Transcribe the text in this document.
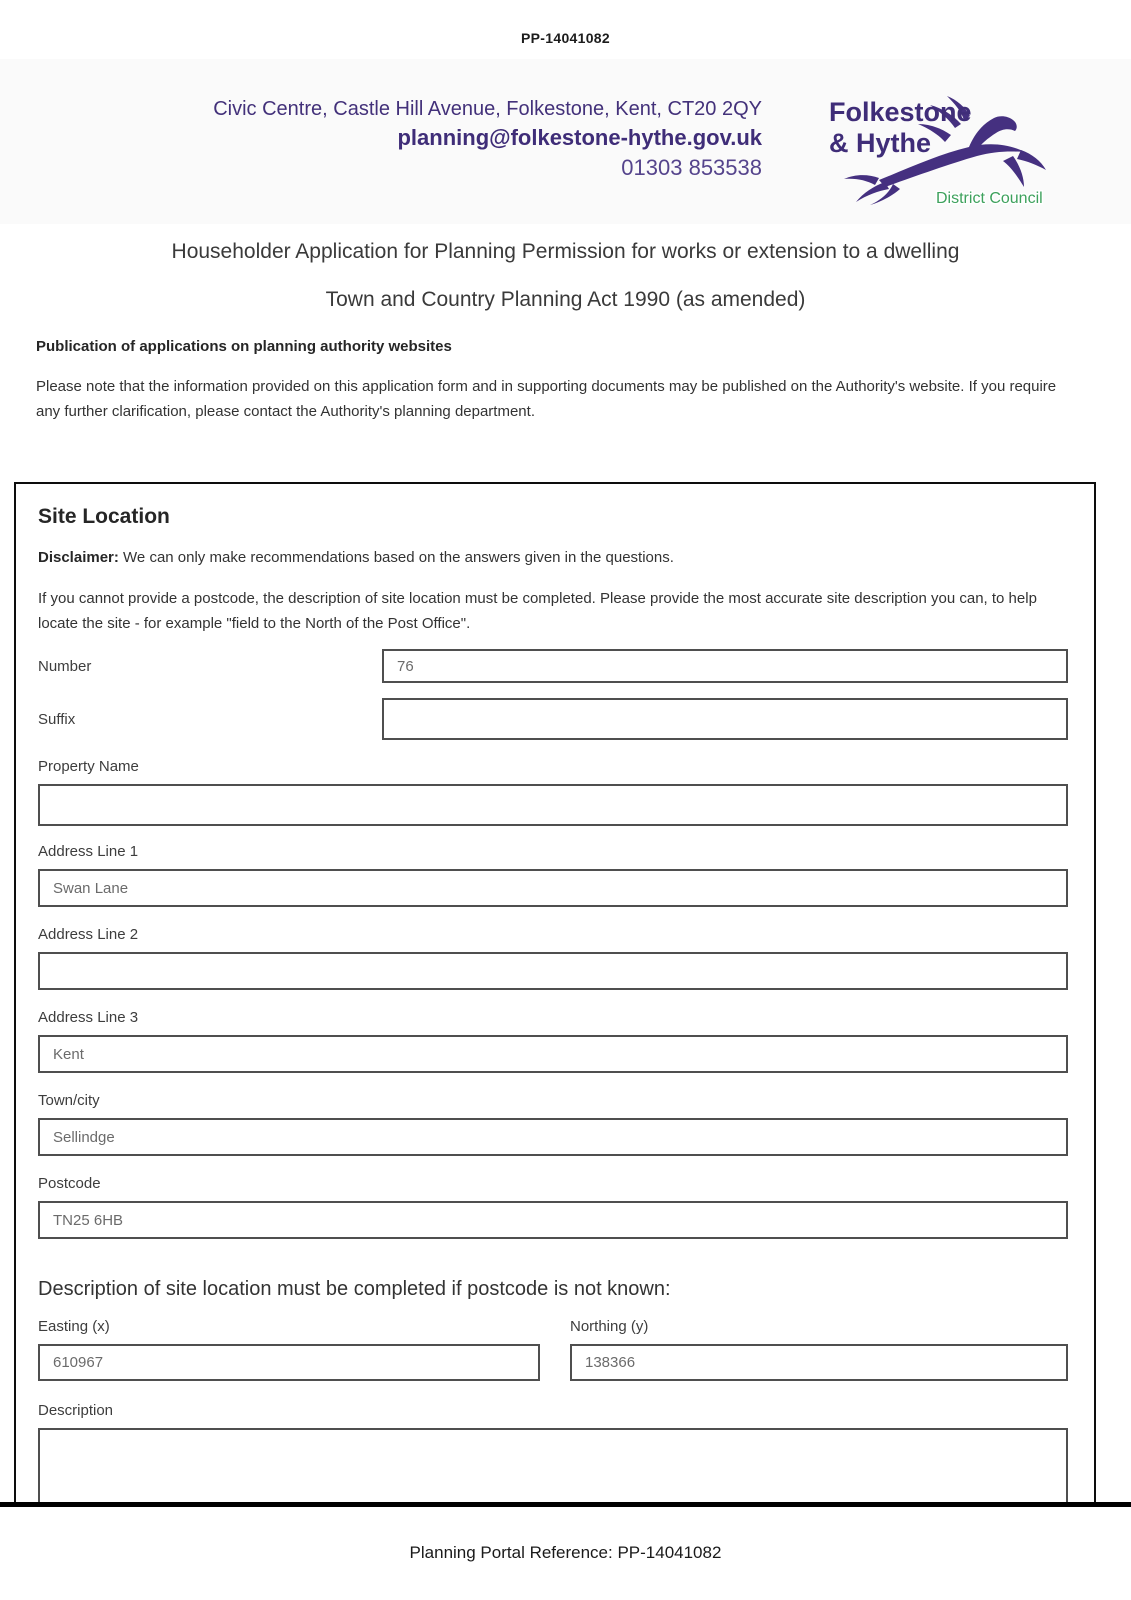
PP-14041082
Civic Centre, Castle Hill Avenue, Folkestone, Kent, CT20 2QY
planning@folkestone-hythe.gov.uk
01303 853538
Folkestone
& Hythe
District Council
Householder Application for Planning Permission for works or extension to a dwelling
Town and Country Planning Act 1990 (as amended)
Publication of applications on planning authority websites
Please note that the information provided on this application form and in supporting documents may be published on the Authority's website. If you require any further clarification, please contact the Authority's planning department.
Site Location
Disclaimer: We can only make recommendations based on the answers given in the questions.
If you cannot provide a postcode, the description of site location must be completed. Please provide the most accurate site description you can, to help locate the site - for example "field to the North of the Post Office".
Number
76
Suffix
Property Name
Address Line 1
Swan Lane
Address Line 2
Address Line 3
Kent
Town/city
Sellindge
Postcode
TN25 6HB
Description of site location must be completed if postcode is not known:
Easting (x)
610967	Northing (y)
138366
Description
Planning Portal Reference: PP-14041082
